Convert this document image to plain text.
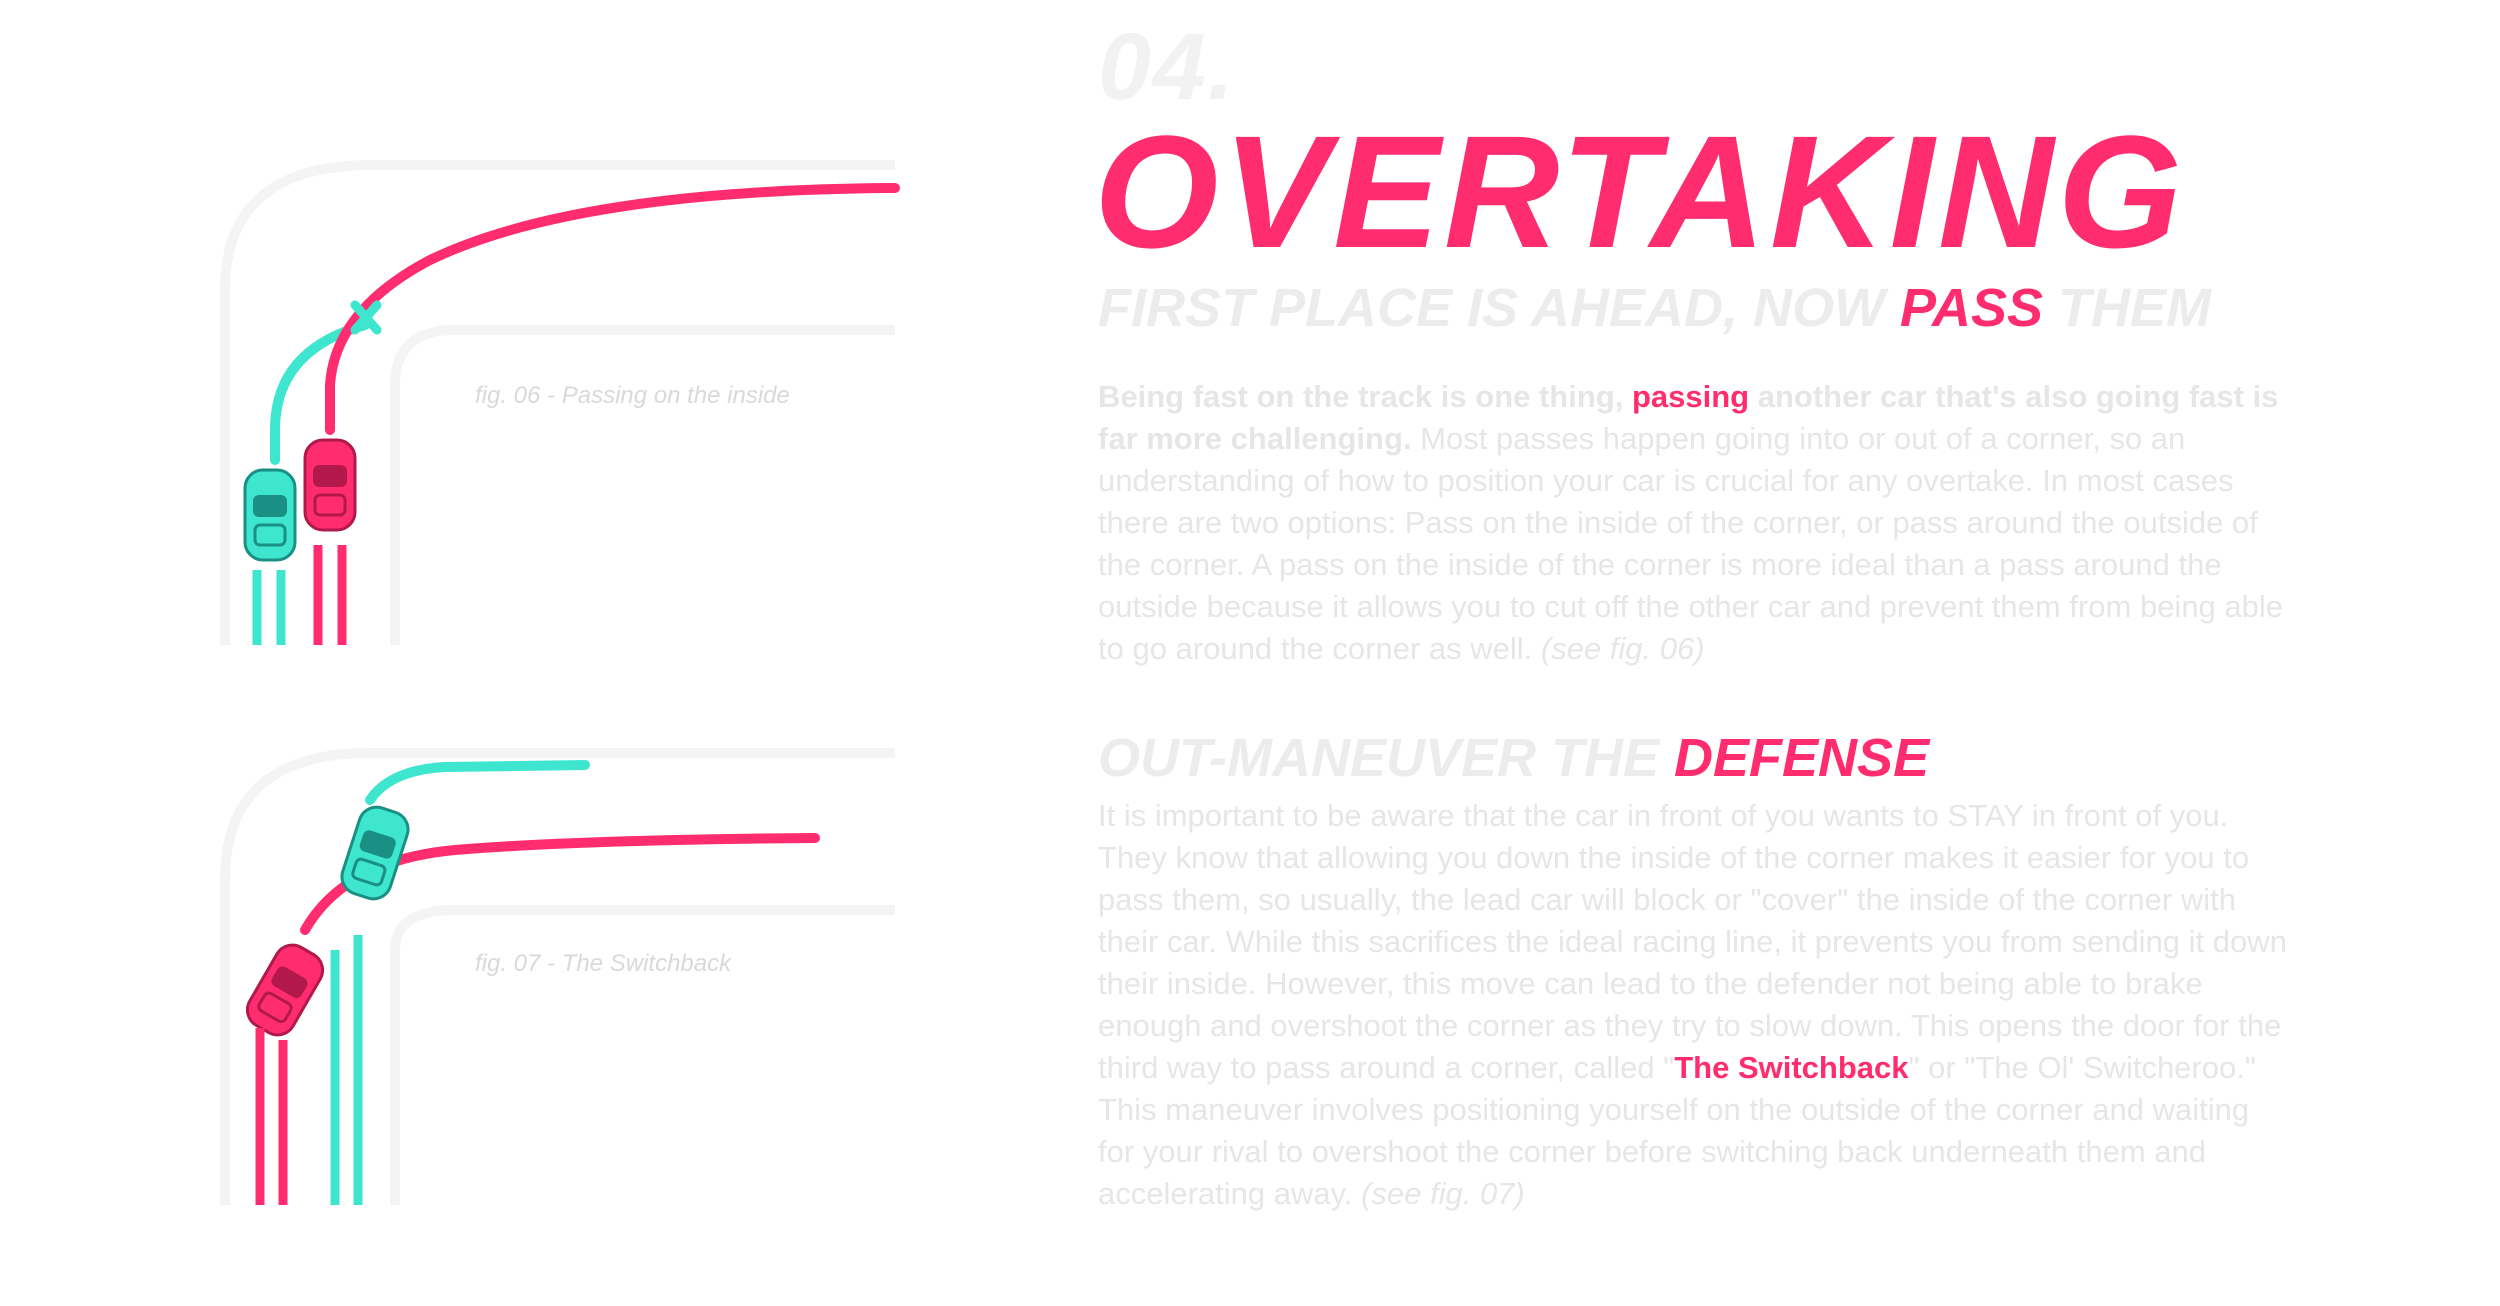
fig. 06 - Passing on the inside
fig. 07 - The Switchback
04.
OVERTAKING
FIRST PLACE IS AHEAD, NOW PASS THEM
Being fast on the track is one thing, passing another car that's also going fast is far more challenging. Most passes happen going into or out of a corner, so an understanding of how to position your car is crucial for any overtake. In most cases there are two options: Pass on the inside of the corner, or pass around the outside of the corner. A pass on the inside of the corner is more ideal than a pass around the outside because it allows you to cut off the other car and prevent them from being able to go around the corner as well. (see fig. 06)
OUT-MANEUVER THE DEFENSE
It is important to be aware that the car in front of you wants to STAY in front of you. They know that allowing you down the inside of the corner makes it easier for you to pass them, so usually, the lead car will block or "cover" the inside of the corner with their car. While this sacrifices the ideal racing line, it prevents you from sending it down their inside. However, this move can lead to the defender not being able to brake enough and overshoot the corner as they try to slow down. This opens the door for the third way to pass around a corner, called "The Switchback" or "The Ol' Switcheroo." This maneuver involves positioning yourself on the outside of the corner and waiting for your rival to overshoot the corner before switching back underneath them and accelerating away. (see fig. 07)
